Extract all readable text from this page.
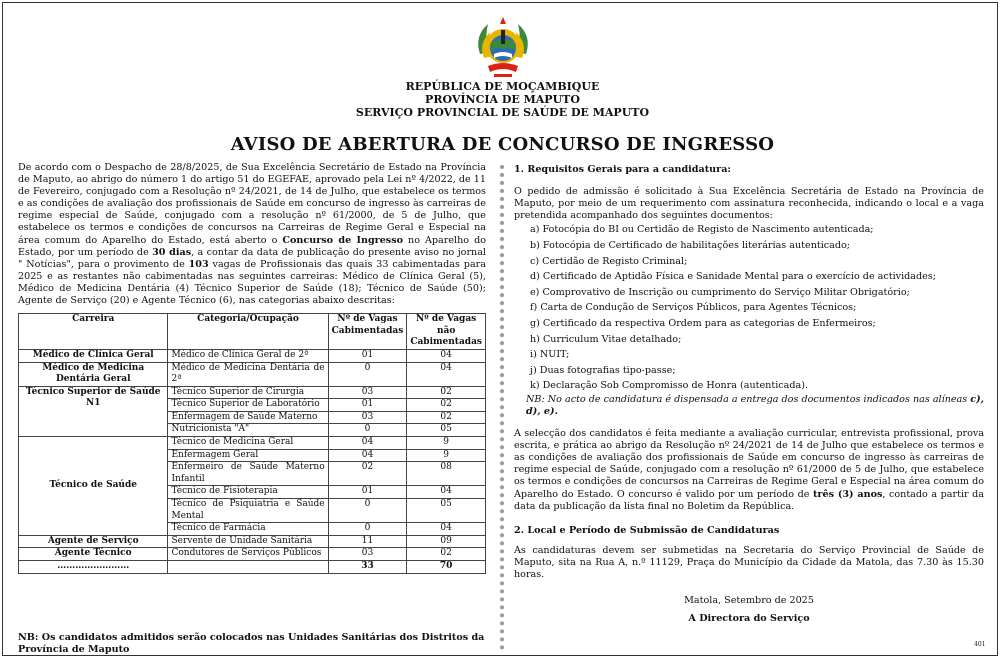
REPÚBLICA DE MOÇAMBIQUE
PROVÍNCIA DE MAPUTO
SERVIÇO PROVINCIAL DE SAÚDE DE MAPUTO
AVISO DE ABERTURA DE CONCURSO DE INGRESSO

De acordo com o Despacho de 28/8/2025, de Sua Excelência Secretário de Estado na Província de Maputo, ao abrigo do número 1 do artigo 51 do EGEFAE, aprovado pela Lei nº 4/2022, de 11 de Fevereiro, conjugado com a Resolução nº 24/2021, de 14 de Julho, que estabelece os termos e as condições de avaliação dos profissionais de Saúde em concurso de ingresso às carreiras de regime especial de Saúde, conjugado com a resolução nº 61/2000, de 5 de Julho, que estabelece os termos e condições de concursos na Carreiras de Regime Geral e Especial na área comum do Aparelho do Estado, está aberto o Concurso de Ingresso no Aparelho do Estado, por um período de 30 dias, a contar da data de publicação do presente aviso no jornal " Notícias", para o provimento de 103 vagas de Profissionais das quais 33 cabimentadas para 2025 e as restantes não cabimentadas nas seguintes carreiras: Médico de Clínica Geral (5), Médico de Medicina Dentária (4) Técnico Superior de Saúde (18); Técnico de Saúde (50); Agente de Serviço (20) e Agente Técnico (6), nas categorias abaixo descritas:

Carreira	Categoria/Ocupação	Nº de Vagas Cabimentadas	Nº de Vagas não Cabimentadas
Médico de Clínica Geral	Médico de Clínica Geral de 2ª	01	04
Médico de Medicina Dentária Geral	Médico de Medicina Dentária de 2ª	0	04
Técnico Superior de Saúde N1	Técnico Superior de Cirurgia	03	02
	Técnico Superior de Laboratório	01	02
	Enfermagem de Saúde Materno	03	02
	Nutricionista "A"	0	05
Técnico de Saúde	Técnico de Medicina Geral	04	9
	Enfermagem Geral	04	9
	Enfermeiro de Saúde Materno Infantil	02	08
	Técnico de Fisioterapia	01	04
	Técnico de Psiquiatria e Saúde Mental	0	05
	Técnico de Farmácia	0	04
Agente de Serviço	Servente de Unidade Sanitária	11	09
Agente Técnico	Condutores de Serviços Públicos	03	02
……………………		33	70
NB: Os candidatos admitidos serão colocados nas Unidades Sanitárias dos Distritos da Província de Maputo

1. Requisitos Gerais para a candidatura:

O pedido de admissão é solicitado à Sua Excelência Secretária de Estado na Província de Maputo, por meio de um requerimento com assinatura reconhecida, indicando o local e a vaga pretendida acompanhado dos seguintes documentos:

a) Fotocópia do BI ou Certidão de Registo de Nascimento autenticada;
b) Fotocópia de Certificado de habilitações literárias autenticado;
c) Certidão de Registo Criminal;
d) Certificado de Aptidão Física e Sanidade Mental para o exercício de actividades;
e) Comprovativo de Inscrição ou cumprimento do Serviço Militar Obrigatório;
f) Carta de Condução de Serviços Públicos, para Agentes Técnicos;
g) Certificado da respectiva Ordem para as categorias de Enfermeiros;
h) Curriculum Vitae detalhado;
i) NUIT;
j) Duas fotografias tipo-passe;
k) Declaração Sob Compromisso de Honra (autenticada).

NB: No acto de candidatura é dispensada a entrega dos documentos indicados nas alíneas c), d), e).

A selecção dos candidatos é feita mediante a avaliação curricular, entrevista profissional, prova escrita, e prática ao abrigo da Resolução nº 24/2021 de 14 de Julho que estabelece os termos e as condições de avaliação dos profissionais de Saúde em concurso de ingresso às carreiras de regime especial de Saúde, conjugado com a resolução nº 61/2000 de 5 de Julho, que estabelece os termos e condições de concursos na Carreiras de Regime Geral e Especial na área comum do Aparelho do Estado. O concurso é valido por um período de três (3) anos, contado a partir da data da publicação da lista final no Boletim da República.

2. Local e Período de Submissão de Candidaturas

As candidaturas devem ser submetidas na Secretaria do Serviço Provincial de Saúde de Maputo, sita na Rua A, n.º 11129, Praça do Município da Cidade da Matola, das 7.30 às 15.30 horas.

Matola, Setembro de 2025

A Directora do Serviço

401
